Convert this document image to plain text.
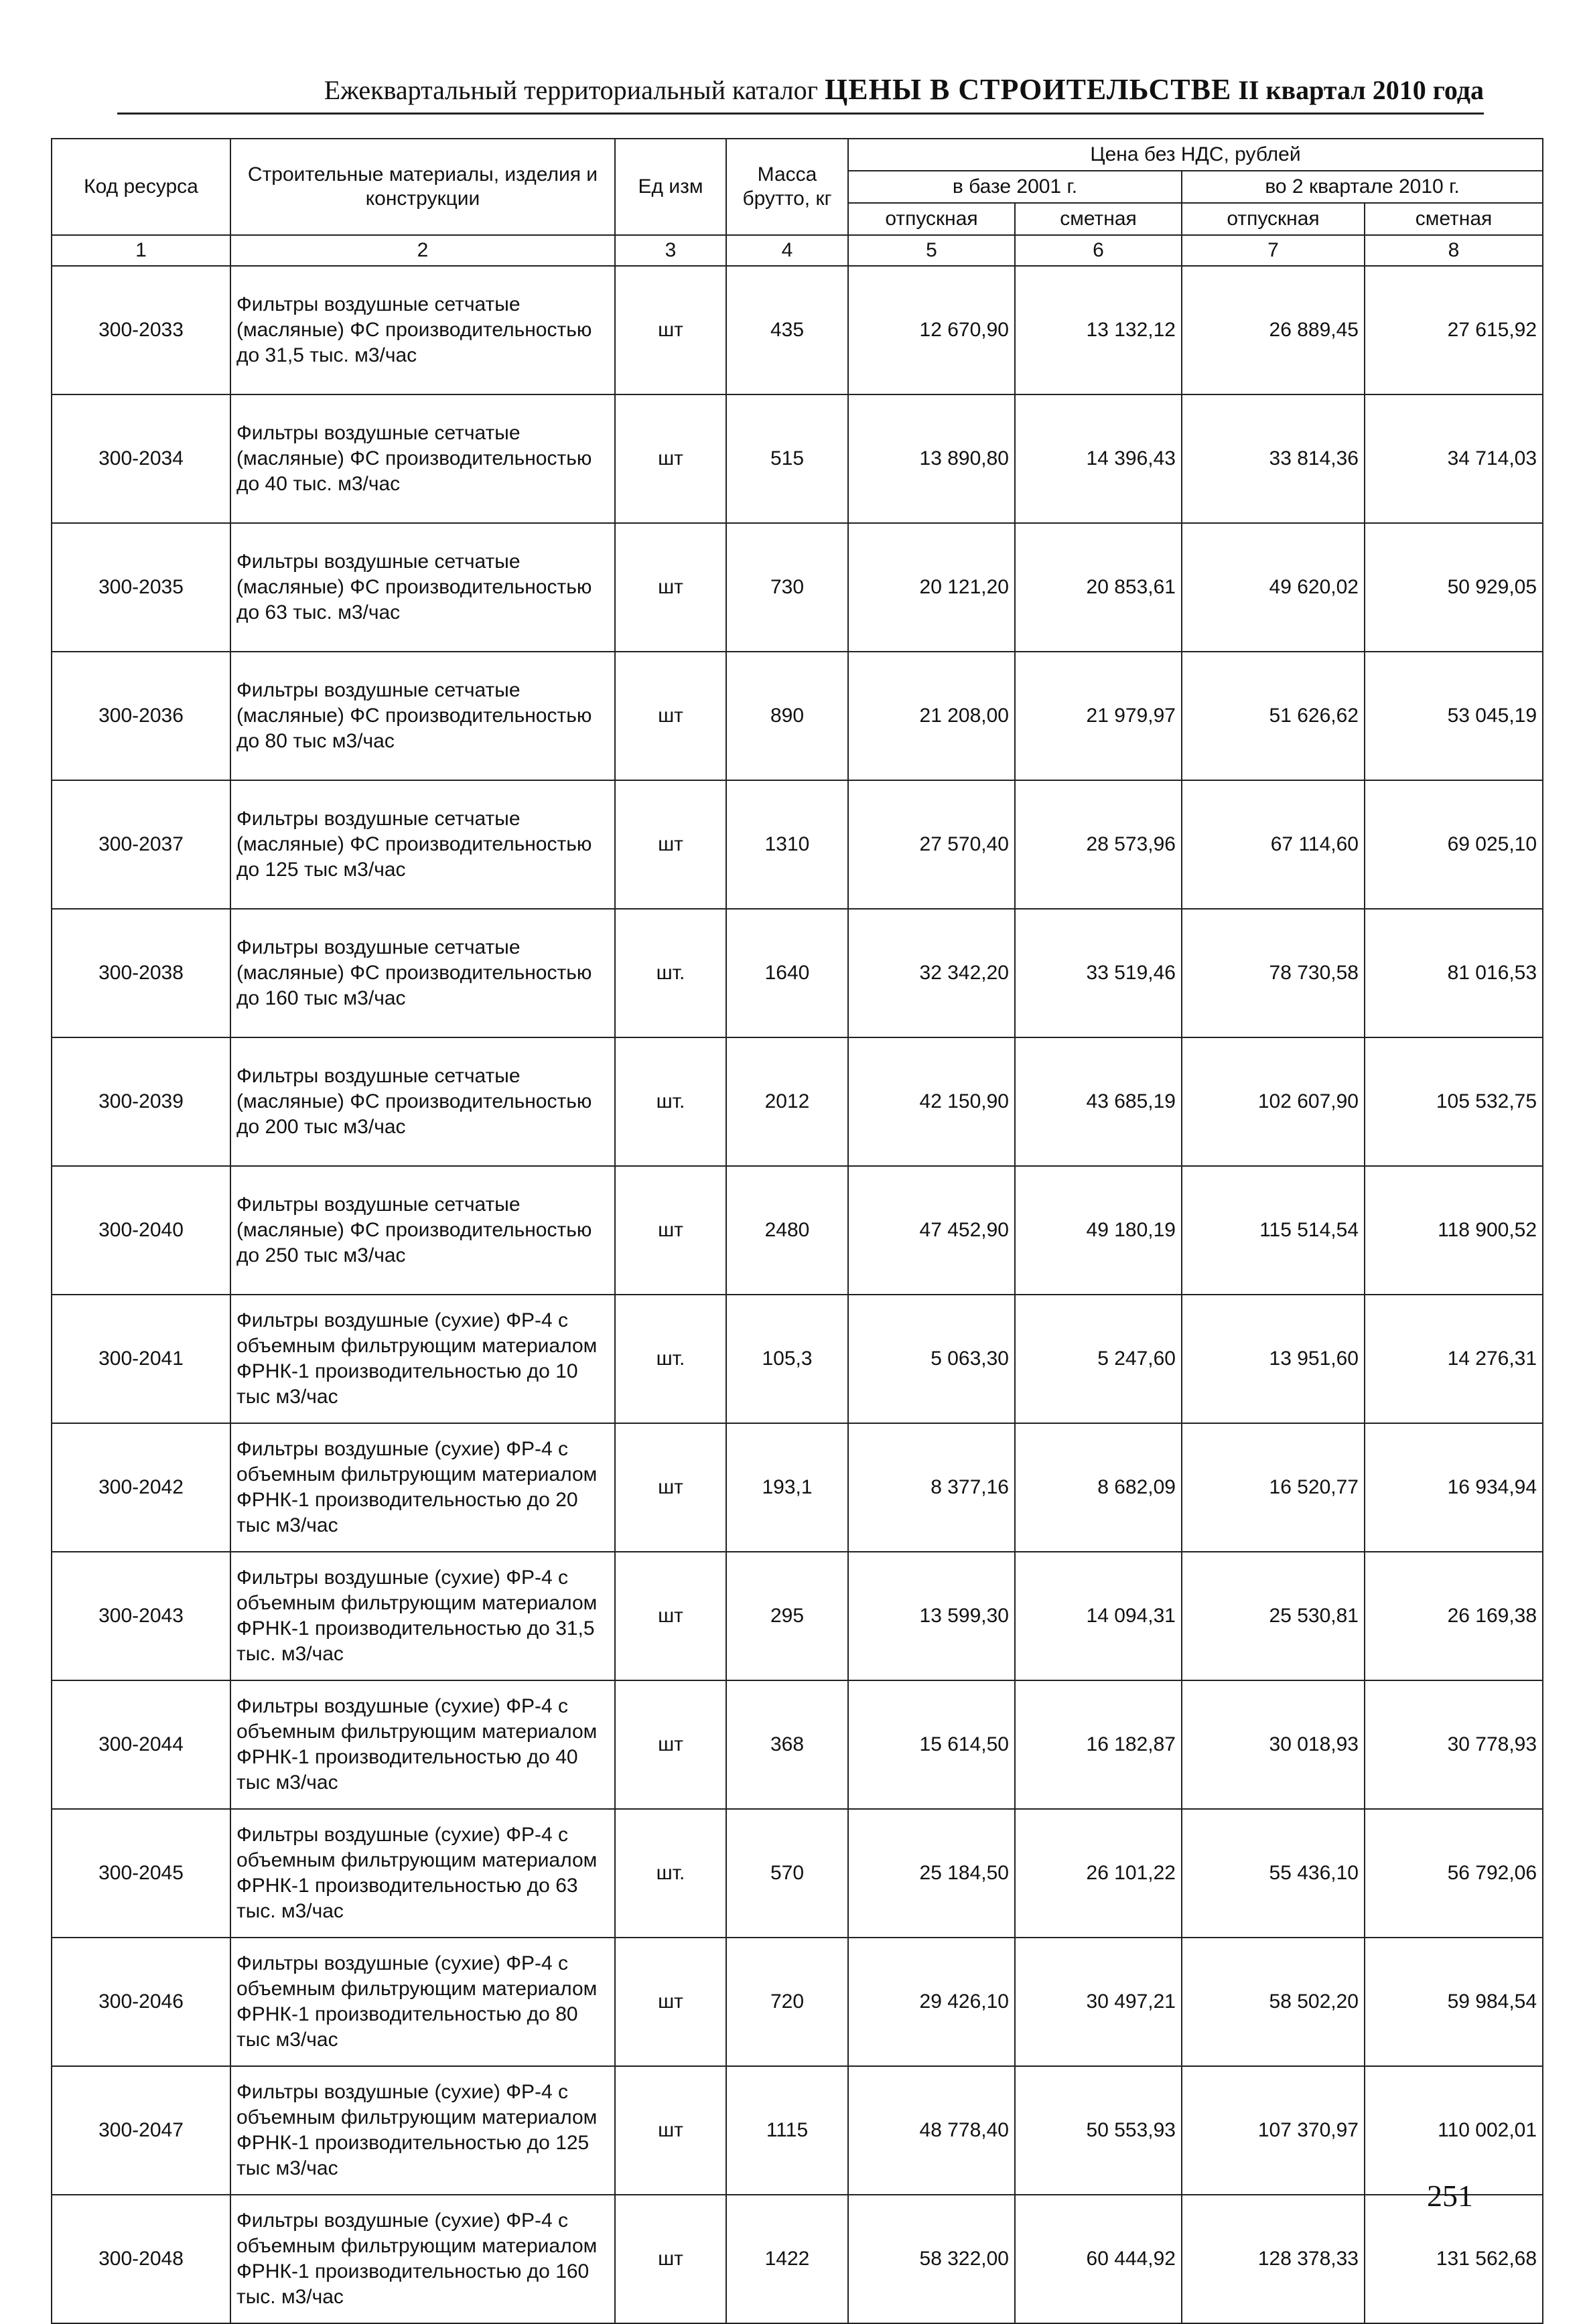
Ежеквартальный территориальный каталог ЦЕНЫ В СТРОИТЕЛЬСТВЕ II квартал 2010 года
Код ресурса	Строительные материалы, изделия и конструкции	Ед изм	Масса брутто, кг	Цена без НДС, рублей			
				в базе 2001 г.		во 2 квартале 2010 г.	
				отпускная	сметная	отпускная	сметная
1	2	3	4	5	6	7	8
300-2033	Фильтры воздушные сетчатые (масляные) ФС производительностью до 31,5 тыс. м3/час	шт	435	12 670,90	13 132,12	26 889,45	27 615,92
300-2034	Фильтры воздушные сетчатые (масляные) ФС производительностью до 40 тыс. м3/час	шт	515	13 890,80	14 396,43	33 814,36	34 714,03
300-2035	Фильтры воздушные сетчатые (масляные) ФС производительностью до 63 тыс. м3/час	шт	730	20 121,20	20 853,61	49 620,02	50 929,05
300-2036	Фильтры воздушные сетчатые (масляные) ФС производительностью до 80 тыс м3/час	шт	890	21 208,00	21 979,97	51 626,62	53 045,19
300-2037	Фильтры воздушные сетчатые (масляные) ФС производительностью до 125 тыс м3/час	шт	1310	27 570,40	28 573,96	67 114,60	69 025,10
300-2038	Фильтры воздушные сетчатые (масляные) ФС производительностью до 160 тыс м3/час	шт.	1640	32 342,20	33 519,46	78 730,58	81 016,53
300-2039	Фильтры воздушные сетчатые (масляные) ФС производительностью до 200 тыс м3/час	шт.	2012	42 150,90	43 685,19	102 607,90	105 532,75
300-2040	Фильтры воздушные сетчатые (масляные) ФС производительностью до 250 тыс м3/час	шт	2480	47 452,90	49 180,19	115 514,54	118 900,52
300-2041	Фильтры воздушные (сухие) ФР-4 с объемным фильтрующим материалом ФРНК-1 производительностью до 10 тыс м3/час	шт.	105,3	5 063,30	5 247,60	13 951,60	14 276,31
300-2042	Фильтры воздушные (сухие) ФР-4 с объемным фильтрующим материалом ФРНК-1 производительностью до 20 тыс м3/час	шт	193,1	8 377,16	8 682,09	16 520,77	16 934,94
300-2043	Фильтры воздушные (сухие) ФР-4 с объемным фильтрующим материалом ФРНК-1 производительностью до 31,5 тыс. м3/час	шт	295	13 599,30	14 094,31	25 530,81	26 169,38
300-2044	Фильтры воздушные (сухие) ФР-4 с объемным фильтрующим материалом ФРНК-1 производительностью до 40 тыс м3/час	шт	368	15 614,50	16 182,87	30 018,93	30 778,93
300-2045	Фильтры воздушные (сухие) ФР-4 с объемным фильтрующим материалом ФРНК-1 производительностью до 63 тыс. м3/час	шт.	570	25 184,50	26 101,22	55 436,10	56 792,06
300-2046	Фильтры воздушные (сухие) ФР-4 с объемным фильтрующим материалом ФРНК-1 производительностью до 80 тыс м3/час	шт	720	29 426,10	30 497,21	58 502,20	59 984,54
300-2047	Фильтры воздушные (сухие) ФР-4 с объемным фильтрующим материалом ФРНК-1 производительностью до 125 тыс м3/час	шт	1115	48 778,40	50 553,93	107 370,97	110 002,01
300-2048	Фильтры воздушные (сухие) ФР-4 с объемным фильтрующим материалом ФРНК-1 производительностью до 160 тыс. м3/час	шт	1422	58 322,00	60 444,92	128 378,33	131 562,68
251
